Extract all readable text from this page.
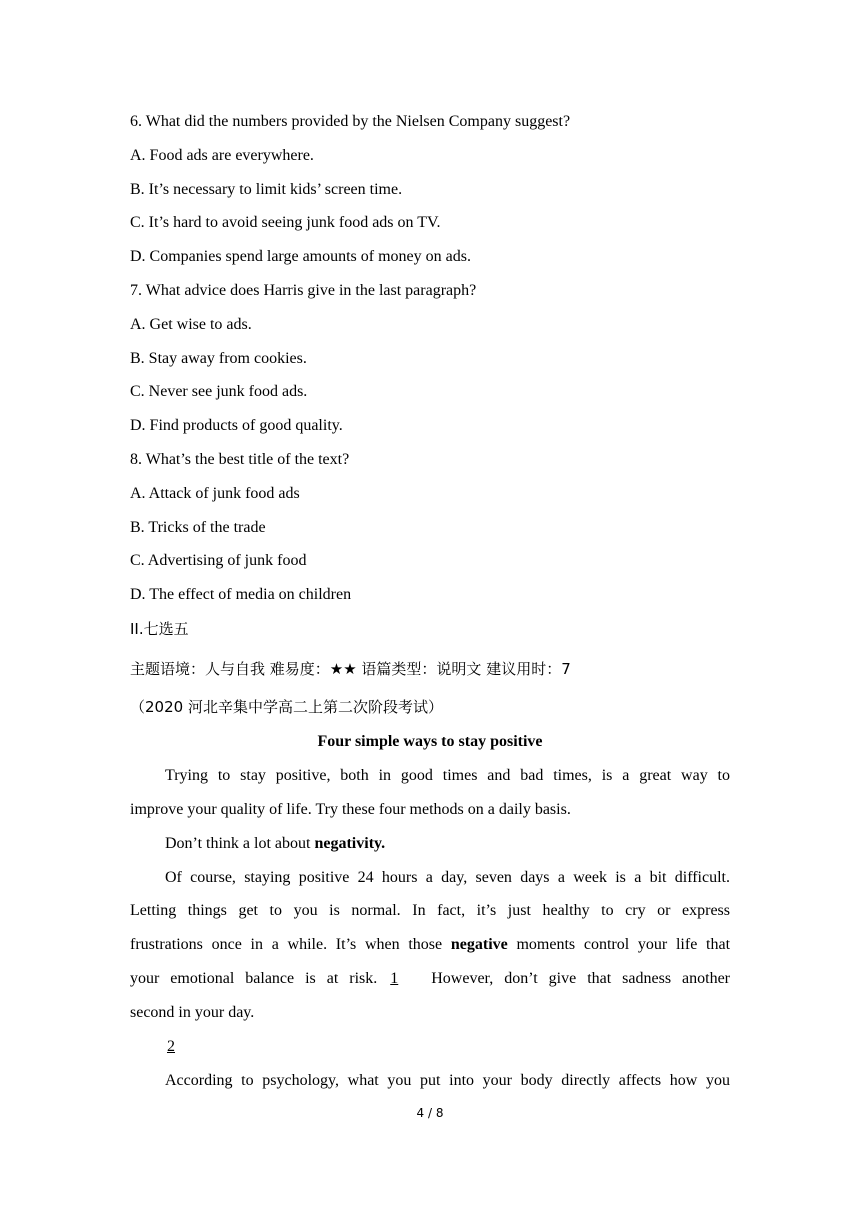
6. What did the numbers provided by the Nielsen Company suggest?
A. Food ads are everywhere.
B. It’s necessary to limit kids’ screen time.
C. It’s hard to avoid seeing junk food ads on TV.
D. Companies spend large amounts of money on ads.
7. What advice does Harris give in the last paragraph?
A. Get wise to ads.
B. Stay away from cookies.
C. Never see junk food ads.
D. Find products of good quality.
8. What’s the best title of the text?
A. Attack of junk food ads
B. Tricks of the trade
C. Advertising of junk food
D. The effect of media on children
II.七选五
主题语境：人与自我 难易度：★★ 语篇类型：说明文 建议用时：7
（2020 河北辛集中学高二上第二次阶段考试）
Four simple ways to stay positive
Trying to stay positive, both in good times and bad times, is a great way to
improve your quality of life. Try these four methods on a daily basis.
Don’t think a lot about negativity.
Of course, staying positive 24 hours a day, seven days a week is a bit difficult.
Letting things get to you is normal. In fact, it’s just healthy to cry or express
frustrations once in a while. It’s when those negative moments control your life that
your emotional balance is at risk. 1 However, don’t give that sadness another
second in your day.
2
According to psychology, what you put into your body directly affects how you
4 / 8
